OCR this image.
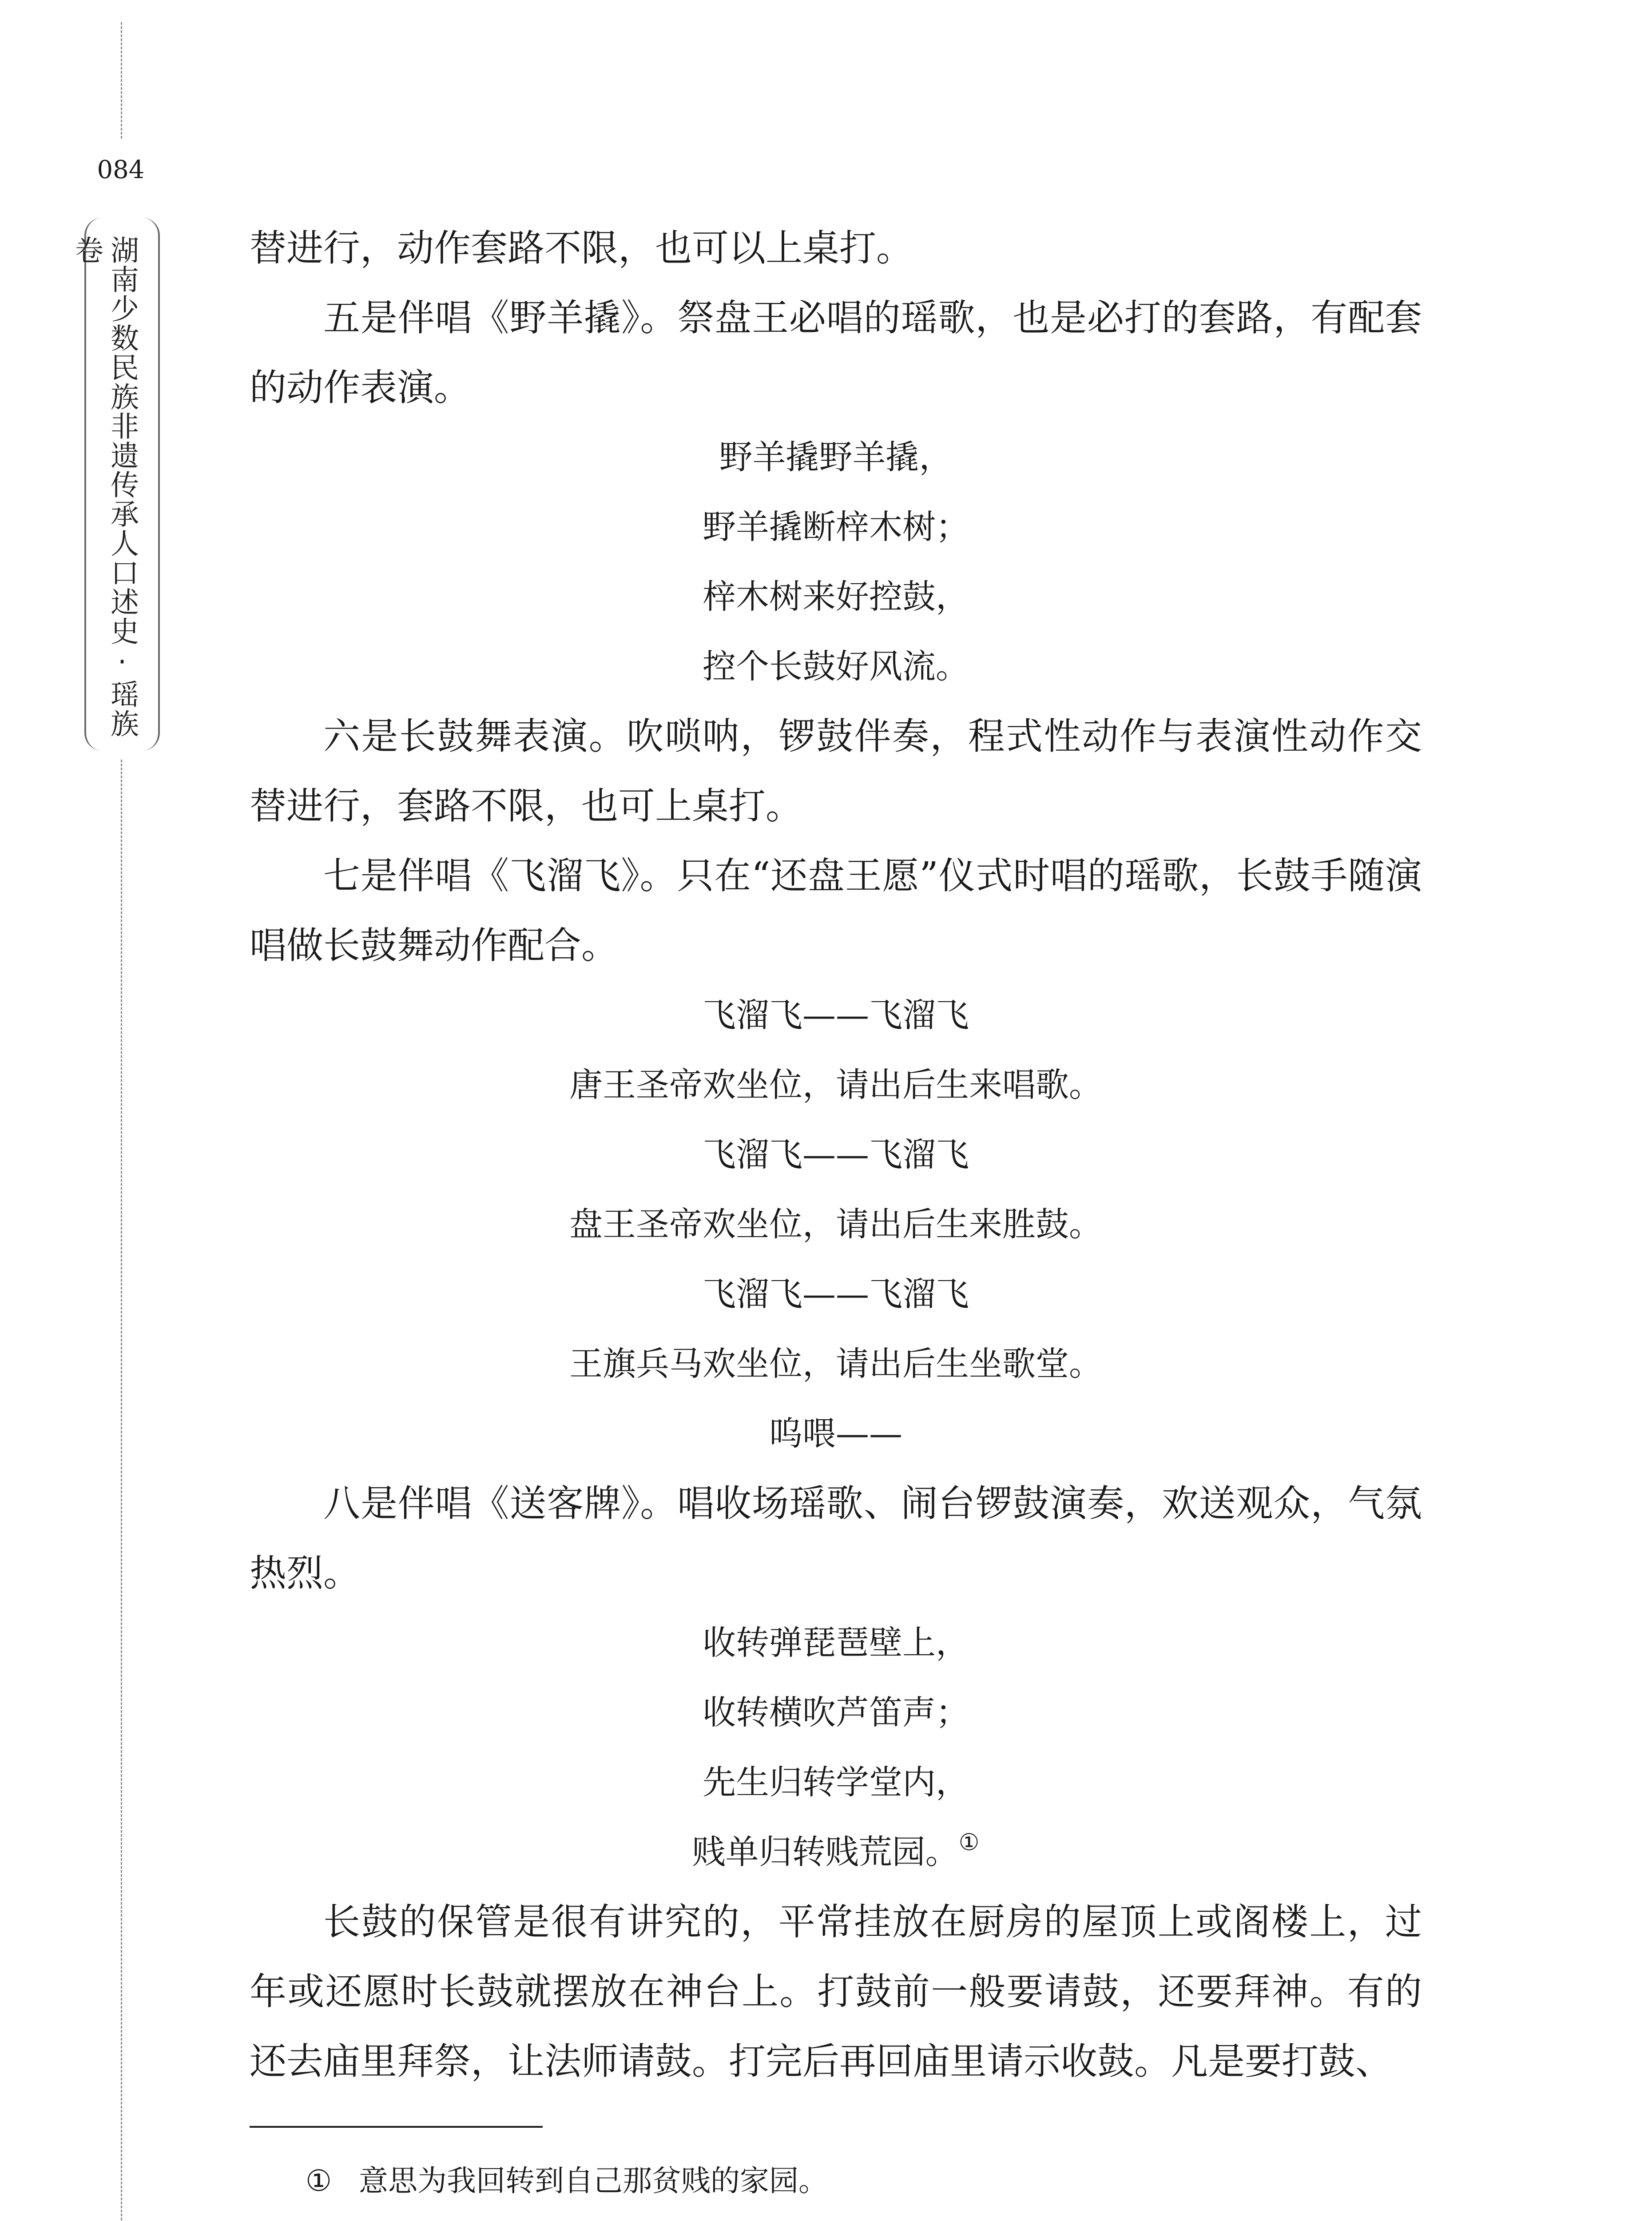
084
湖南少数民族非遗传承人口述史·瑶族卷	替进行，动作套路不限，也可以上桌打。

五是伴唱《野羊撬》。祭盘王必唱的瑶歌，也是必打的套路，有配套的动作表演。

野羊撬野羊撬，

野羊撬断梓木树；

梓木树来好控鼓，

控个长鼓好风流。

六是长鼓舞表演。吹唢呐，锣鼓伴奏，程式性动作与表演性动作交替进行，套路不限，也可上桌打。

七是伴唱《飞溜飞》。只在“还盘王愿”仪式时唱的瑶歌，长鼓手随演唱做长鼓舞动作配合。

飞溜飞——飞溜飞

唐王圣帝欢坐位，请出后生来唱歌。

飞溜飞——飞溜飞

盘王圣帝欢坐位，请出后生来胜鼓。

飞溜飞——飞溜飞

王旗兵马欢坐位，请出后生坐歌堂。

呜喂——

八是伴唱《送客牌》。唱收场瑶歌、闹台锣鼓演奏，欢送观众，气氛热烈。

收转弹琵琶壁上，

收转横吹芦笛声；

先生归转学堂内，

贱单归转贱荒园。①

长鼓的保管是很有讲究的，平常挂放在厨房的屋顶上或阁楼上，过年或还愿时长鼓就摆放在神台上。打鼓前一般要请鼓，还要拜神。有的还去庙里拜祭，让法师请鼓。打完后再回庙里请示收鼓。凡是要打鼓、

① 意思为我回转到自己那贫贱的家园。
